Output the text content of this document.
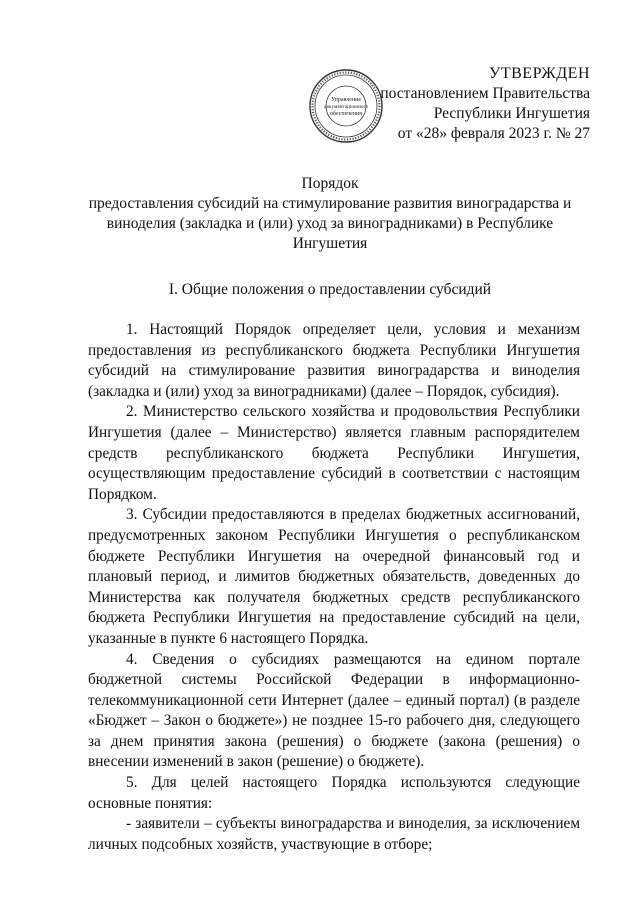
УТВЕРЖДЕН
постановлением Правительства
Республики Ингушетия
от «28» февраля 2023 г. № 27
Управление
документационного
обеспечения
Порядок
предоставления субсидий на стимулирование развития виноградарства и виноделия (закладка и (или) уход за виноградниками) в Республике Ингушетия
I. Общие положения о предоставлении субсидий

1. Настоящий Порядок определяет цели, условия и механизм предоставления из республиканского бюджета Республики Ингушетия субсидий на стимулирование развития виноградарства и виноделия (закладка и (или) уход за виноградниками) (далее – Порядок, субсидия).

2. Министерство сельского хозяйства и продовольствия Республики Ингушетия (далее – Министерство) является главным распорядителем средств республиканского бюджета Республики Ингушетия, осуществляющим предоставление субсидий в соответствии с настоящим Порядком.

3. Субсидии предоставляются в пределах бюджетных ассигнований, предусмотренных законом Республики Ингушетия о республиканском бюджете Республики Ингушетия на очередной финансовый год и плановый период, и лимитов бюджетных обязательств, доведенных до Министерства как получателя бюджетных средств республиканского бюджета Республики Ингушетия на предоставление субсидий на цели, указанные в пункте 6 настоящего Порядка.

4. Сведения о субсидиях размещаются на едином портале бюджетной системы Российской Федерации в информационно-телекоммуникационной сети Интернет (далее – единый портал) (в разделе «Бюджет – Закон о бюджете») не позднее 15-го рабочего дня, следующего за днем принятия закона (решения) о бюджете (закона (решения) о внесении изменений в закон (решение) о бюджете).

5. Для целей настоящего Порядка используются следующие основные понятия:

- заявители – субъекты виноградарства и виноделия, за исключением личных подсобных хозяйств, участвующие в отборе;
